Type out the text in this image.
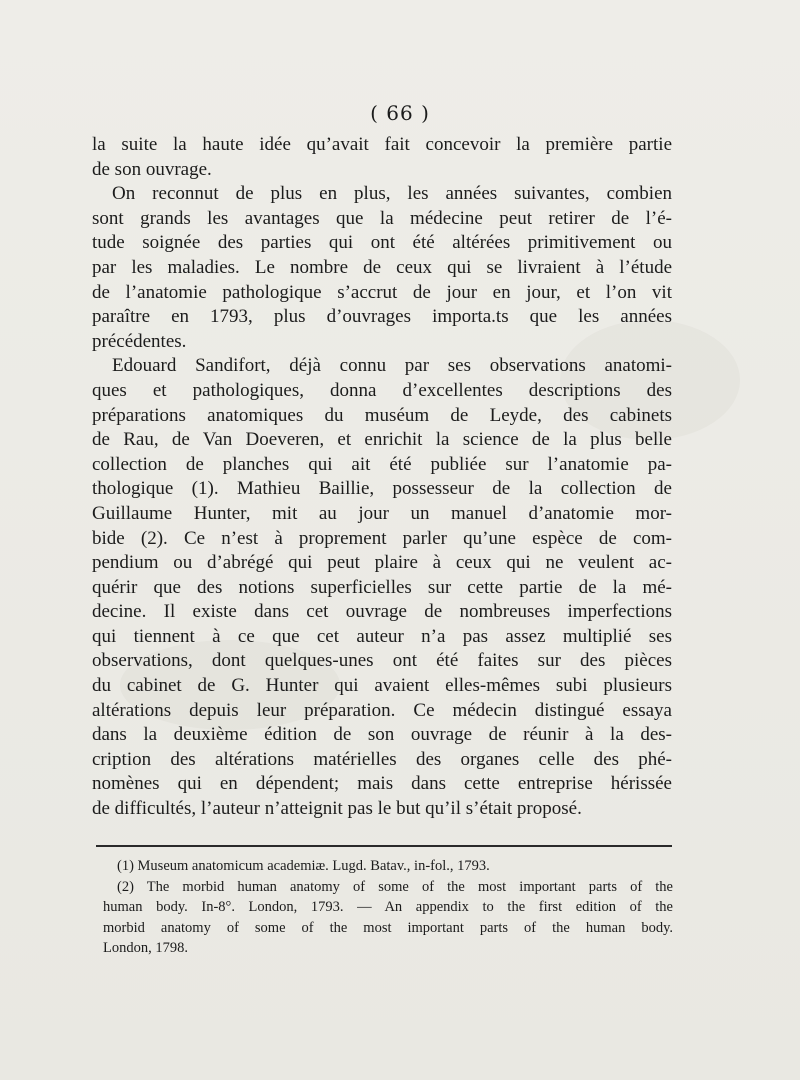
( 66 )
la suite la haute idée qu’avait fait concevoir la première partie
de son ouvrage.
On reconnut de plus en plus, les années suivantes, combien
sont grands les avantages que la médecine peut retirer de l’é-
tude soignée des parties qui ont été altérées primitivement ou
par les maladies. Le nombre de ceux qui se livraient à l’étude
de l’anatomie pathologique s’accrut de jour en jour, et l’on vit
paraître en 1793, plus d’ouvrages importa.ts que les années
précédentes.
Edouard Sandifort, déjà connu par ses observations anatomi-
ques et pathologiques, donna d’excellentes descriptions des
préparations anatomiques du muséum de Leyde, des cabinets
de Rau, de Van Doeveren, et enrichit la science de la plus belle
collection de planches qui ait été publiée sur l’anatomie pa-
thologique (1). Mathieu Baillie, possesseur de la collection de
Guillaume Hunter, mit au jour un manuel d’anatomie mor-
bide (2). Ce n’est à proprement parler qu’une espèce de com-
pendium ou d’abrégé qui peut plaire à ceux qui ne veulent ac-
quérir que des notions superficielles sur cette partie de la mé-
decine. Il existe dans cet ouvrage de nombreuses imperfections
qui tiennent à ce que cet auteur n’a pas assez multiplié ses
observations, dont quelques-unes ont été faites sur des pièces
du cabinet de G. Hunter qui avaient elles-mêmes subi plusieurs
altérations depuis leur préparation. Ce médecin distingué essaya
dans la deuxième édition de son ouvrage de réunir à la des-
cription des altérations matérielles des organes celle des phé-
nomènes qui en dépendent; mais dans cette entreprise hérissée
de difficultés, l’auteur n’atteignit pas le but qu’il s’était proposé.
(1) Museum anatomicum academiæ. Lugd. Batav., in-fol., 1793.
(2) The morbid human anatomy of some of the most important parts of the
human body. In-8°. London, 1793. — An appendix to the first edition of the
morbid anatomy of some of the most important parts of the human body.
London, 1798.
